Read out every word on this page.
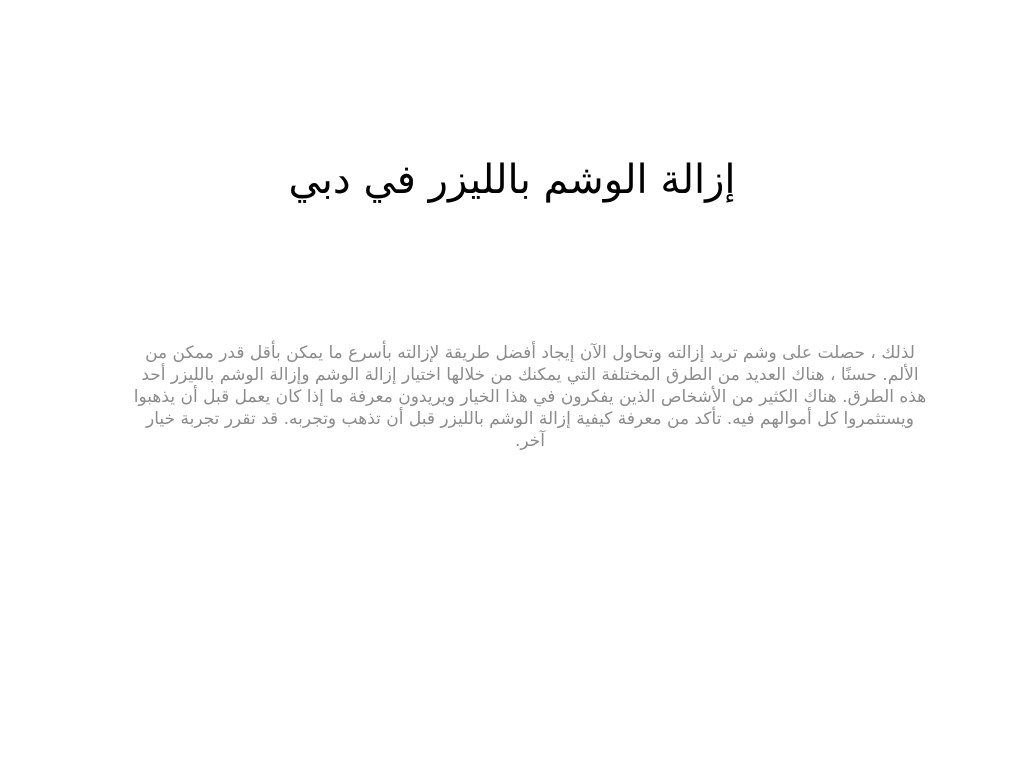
إزالة الوشم بالليزر في دبي

لذلك ، حصلت على وشم تريد إزالته وتحاول الآن إيجاد أفضل طريقة لإزالته بأسرع ما يمكن بأقل قدر ممكن من الألم. حسنًا ، هناك العديد من الطرق المختلفة التي يمكنك من خلالها اختيار إزالة الوشم وإزالة الوشم بالليزر أحد هذه الطرق. هناك الكثير من الأشخاص الذين يفكرون في هذا الخيار ويريدون معرفة ما إذا كان يعمل قبل أن يذهبوا ويستثمروا كل أموالهم فيه. تأكد من معرفة كيفية إزالة الوشم بالليزر قبل أن تذهب وتجربه. قد تقرر تجربة خيار آخر.
